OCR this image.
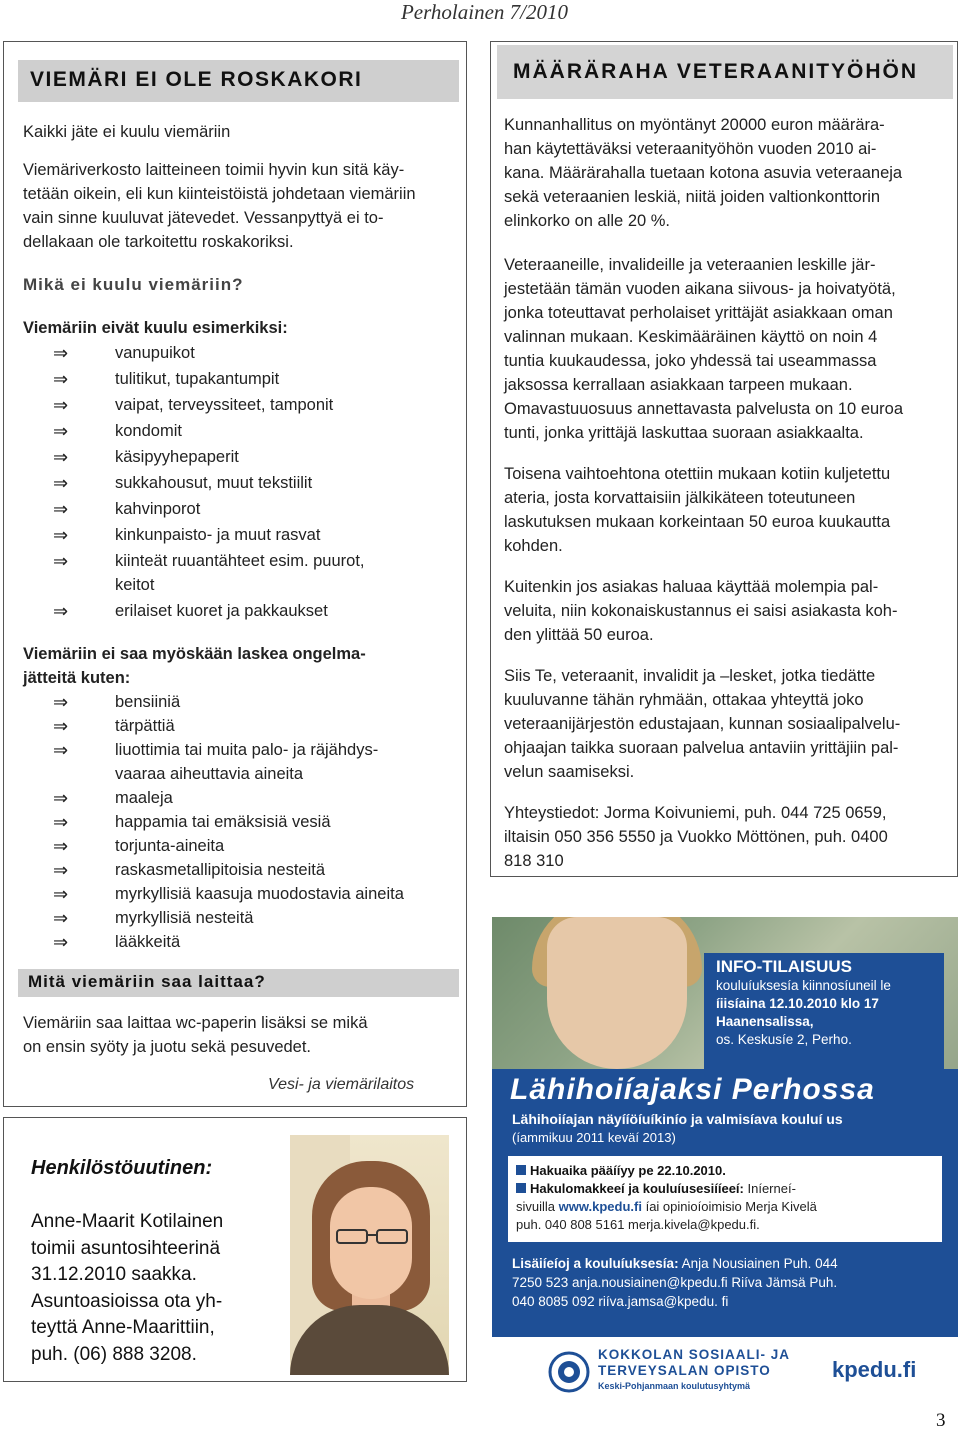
Perholainen 7/2010
VIEMÄRI EI OLE ROSKAKORI
Kaikki jäte ei kuulu viemäriin
Viemäriverkosto laitteineen toimii hyvin kun sitä käy-
tetään oikein, eli kun kiinteistöistä johdetaan viemäriin
vain sinne kuuluvat jätevedet. Vessanpyttyä ei to-
dellakaan ole tarkoitettu roskakoriksi.
Mikä ei kuulu viemäriin?
Viemäriin eivät kuulu esimerkiksi:
⇒ vanupuikot
⇒ tulitikut, tupakantumpit
⇒ vaipat, terveyssiteet, tamponit
⇒ kondomit
⇒ käsipyyhepaperit
⇒ sukkahousut, muut tekstiilit
⇒ kahvinporot
⇒ kinkunpaisto- ja muut rasvat
⇒ kiinteät ruuantähteet esim. puurot,
keitot
⇒ erilaiset kuoret ja pakkaukset
Viemäriin ei saa myöskään laskea ongelma-
jätteitä kuten:
⇒ bensiiniä
⇒ tärpättiä
⇒ liuottimia tai muita palo- ja räjähdys-
vaaraa aiheuttavia aineita
⇒ maaleja
⇒ happamia tai emäksisiä vesiä
⇒ torjunta-aineita
⇒ raskasmetallipitoisia nesteitä
⇒ myrkyllisiä kaasuja muodostavia aineita
⇒ myrkyllisiä nesteitä
⇒ lääkkeitä
Mitä viemäriin saa laittaa?
Viemäriin saa laittaa wc-paperin lisäksi se mikä
on ensin syöty ja juotu sekä pesuvedet.
Vesi- ja viemärilaitos
MÄÄRÄRAHA VETERAANITYÖHÖN
Kunnanhallitus on myöntänyt 20000 euron määrära-
han käytettäväksi veteraanityöhön vuoden 2010 ai-
kana. Määrärahalla tuetaan kotona asuvia veteraaneja
sekä veteraanien leskiä, niitä joiden valtionkonttorin
elinkorko on alle 20 %.
Veteraaneille, invalideille ja veteraanien leskille jär-
jestetään tämän vuoden aikana siivous- ja hoivatyötä,
jonka toteuttavat perholaiset yrittäjät asiakkaan oman
valinnan mukaan. Keskimääräinen käyttö on noin 4
tuntia kuukaudessa, joko yhdessä tai useammassa
jaksossa kerrallaan asiakkaan tarpeen mukaan.
Omavastuuosuus annettavasta palvelusta on 10 euroa
tunti, jonka yrittäjä laskuttaa suoraan asiakkaalta.
Toisena vaihtoehtona otettiin mukaan kotiin kuljetettu
ateria, josta korvattaisiin jälkikäteen toteutuneen
laskutuksen mukaan korkeintaan 50 euroa kuukautta
kohden.
Kuitenkin jos asiakas haluaa käyttää molempia pal-
veluita, niin kokonaiskustannus ei saisi asiakasta koh-
den ylittää 50 euroa.
Siis Te, veteraanit, invalidit ja –lesket, jotka tiedätte
kuuluvanne tähän ryhmään, ottakaa yhteyttä joko
veteraanijärjestön edustajaan, kunnan sosiaalipalvelu-
ohjaajan taikka suoraan palvelua antaviin yrittäjiin pal-
velun saamiseksi.
Yhteystiedot: Jorma Koivuniemi, puh. 044 725 0659,
iltaisin 050 356 5550 ja Vuokko Möttönen, puh. 0400
818 310
Henkilöstöuutinen:
Anne-Maarit Kotilainen
toimii asuntosihteerinä
31.12.2010 saakka.
Asuntoasioissa ota yh-
teyttä Anne-Maarittiin,
puh. (06) 888 3208.
INFO-TILAISUUS
kouluíuksesía kiinnosíuneil le
íiisíaina 12.10.2010 klo 17
Haanensalissa,
os. Keskusíe 2, Perho.
Lähihoiíajaksi Perhossa
Lähihoiíajan näyííöíuíkinío ja valmisíava kouluí us
(íammikuu 2011 keväí 2013)
Hakuaika pääííyy pe 22.10.2010.
Hakulomakkeeí ja kouluíusesiííeeí: Iníerneí-
sivuilla www.kpedu.fi íai opinioíoimisio Merja Kivelä
puh. 040 808 5161 merja.kivela@kpedu.fi.
Lisäiíeíoj a kouluíuksesía: Anja Nousiainen Puh. 044
7250 523 anja.nousiainen@kpedu.fi Riíva Jämsä Puh.
040 8085 092 riíva.jamsa@kpedu. fi
KOKKOLAN SOSIAALI- JA
TERVEYSALAN OPISTO
Keski-Pohjanmaan koulutusyhtymä
kpedu.fi
3
